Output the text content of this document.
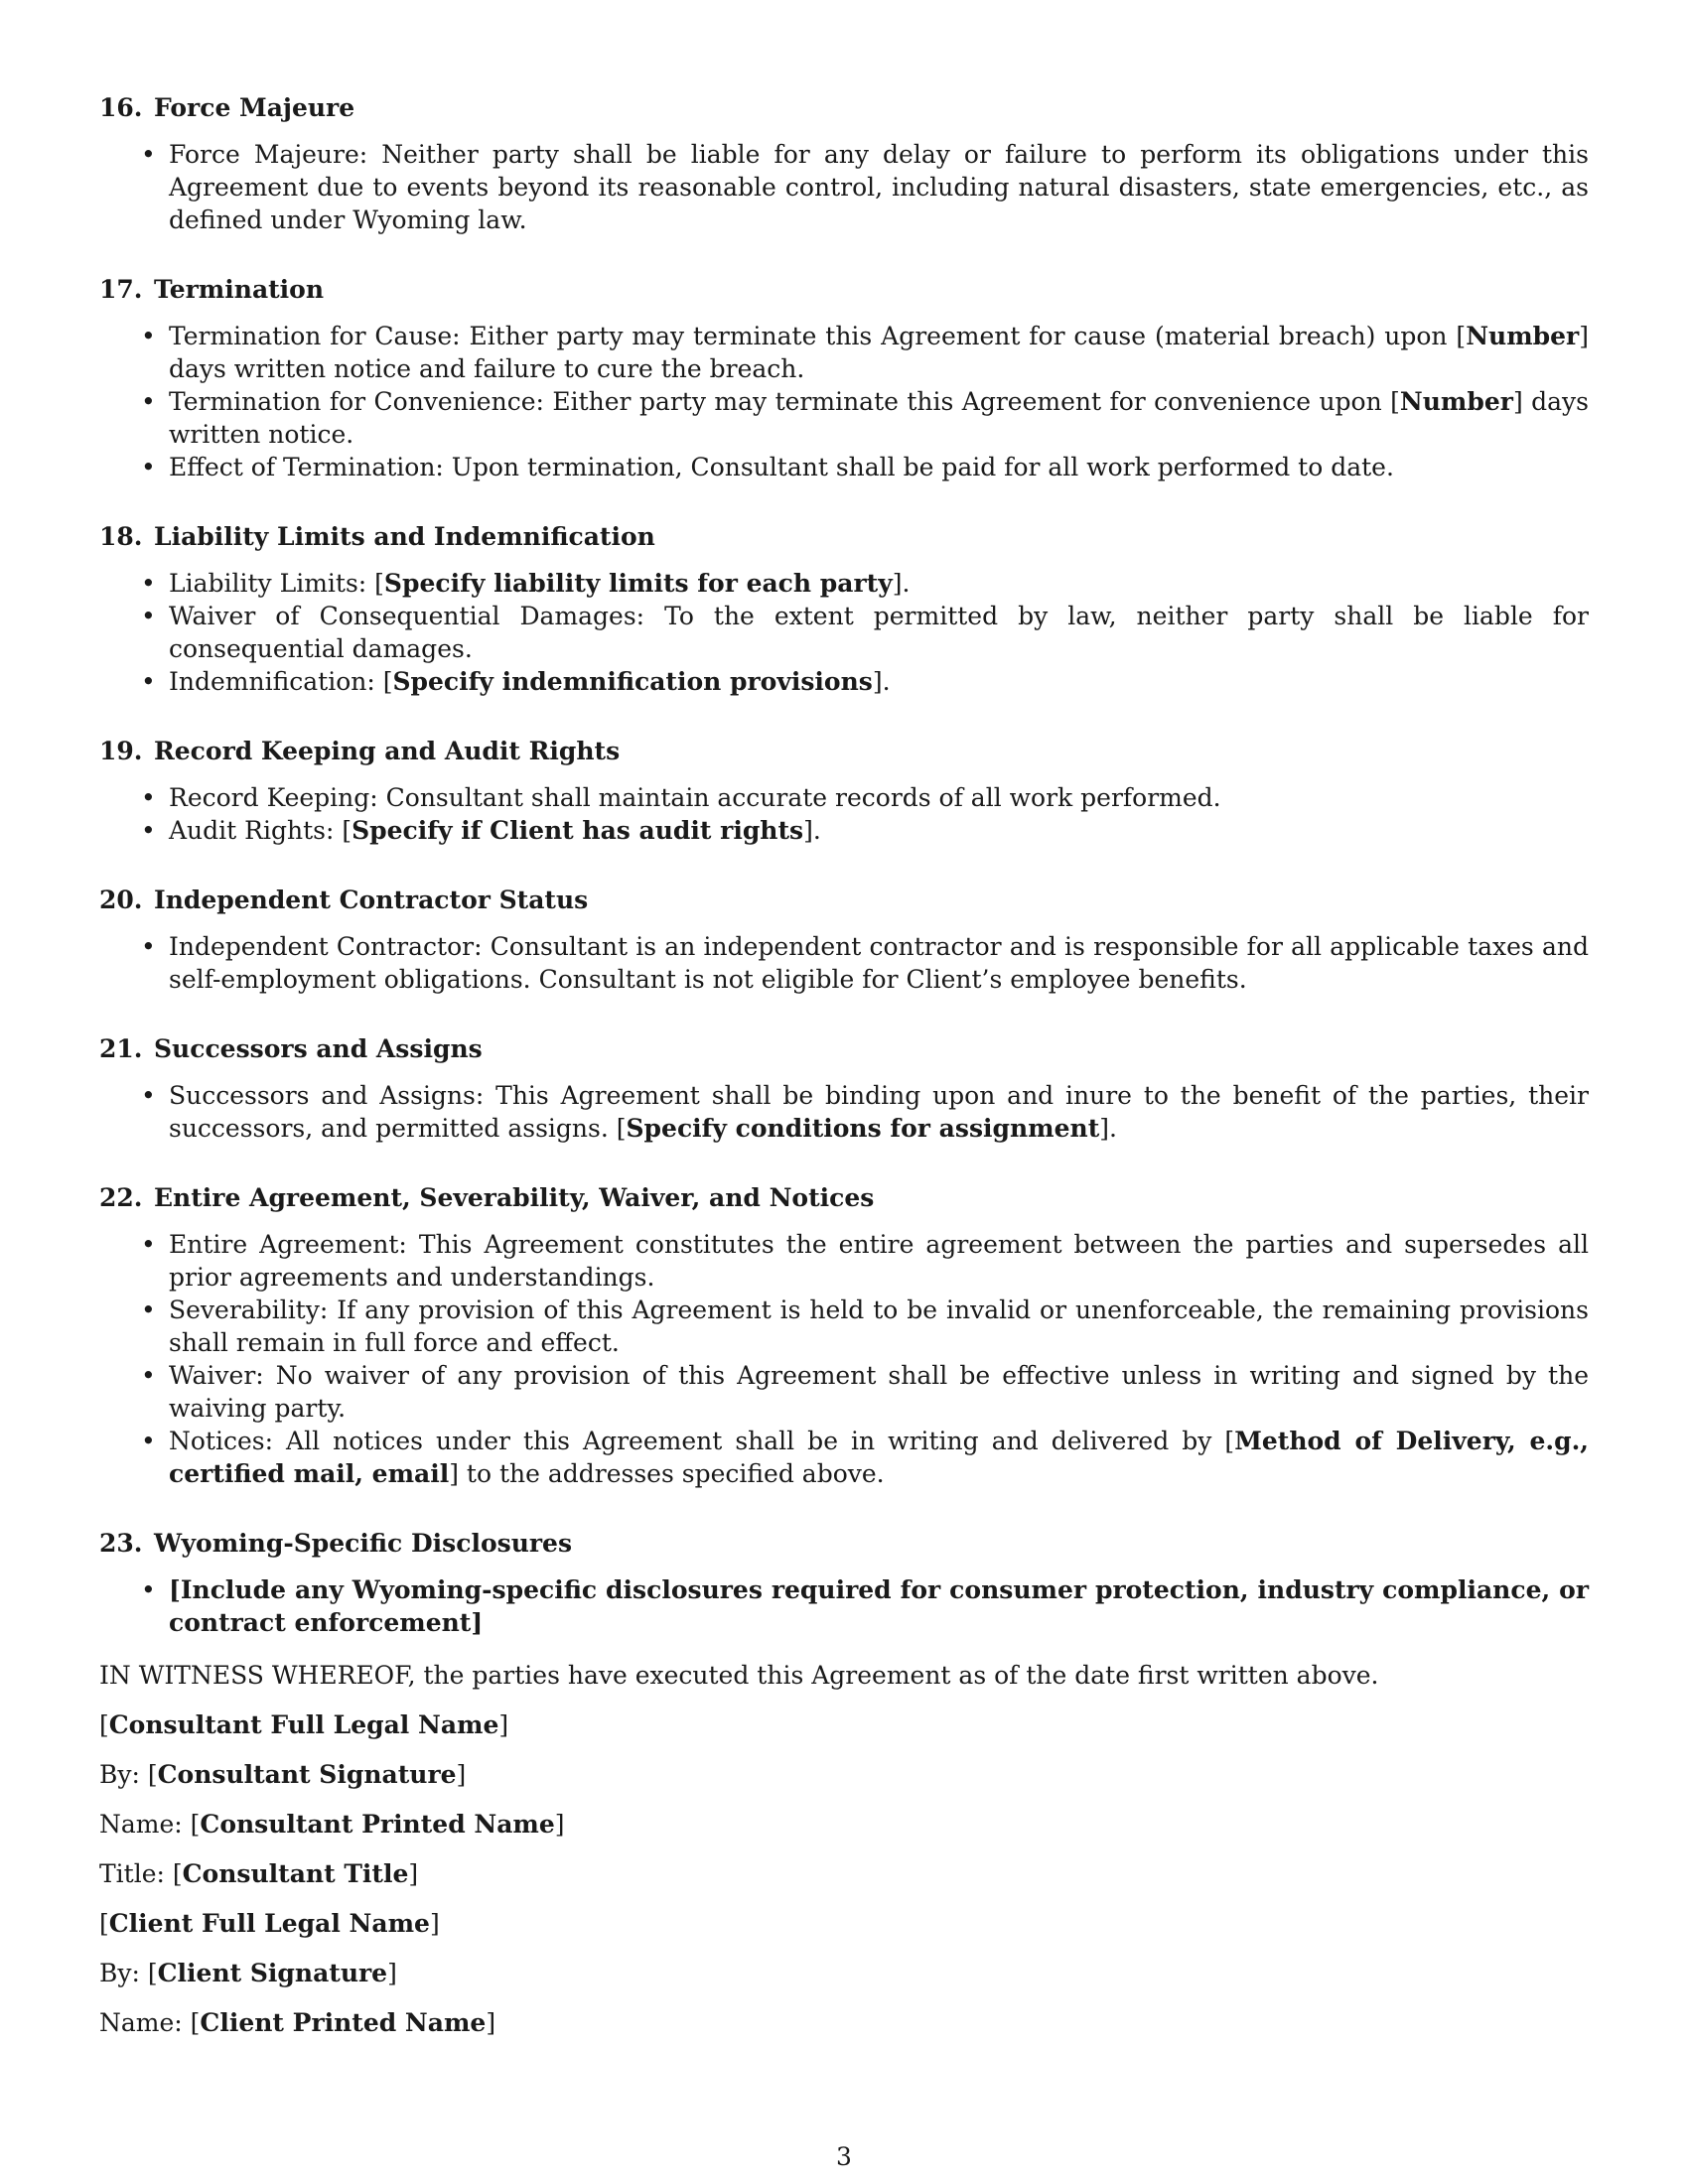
16. Force Majeure
• Force Majeure: Neither party shall be liable for any delay or failure to perform its obligations under this Agreement due to events beyond its reasonable control, including natural disasters, state emergencies, etc., as defined under Wyoming law.
17. Termination
• Termination for Cause: Either party may terminate this Agreement for cause (material breach) upon [Number] days written notice and failure to cure the breach.
• Termination for Convenience: Either party may terminate this Agreement for convenience upon [Number] days written notice.
• Effect of Termination: Upon termination, Consultant shall be paid for all work performed to date.
18. Liability Limits and Indemnification
• Liability Limits: [Specify liability limits for each party].
• Waiver of Consequential Damages: To the extent permitted by law, neither party shall be liable for consequential damages.
• Indemnification: [Specify indemnification provisions].
19. Record Keeping and Audit Rights
• Record Keeping: Consultant shall maintain accurate records of all work performed.
• Audit Rights: [Specify if Client has audit rights].
20. Independent Contractor Status
• Independent Contractor: Consultant is an independent contractor and is responsible for all applicable taxes and self-employment obligations. Consultant is not eligible for Client’s employee benefits.
21. Successors and Assigns
• Successors and Assigns: This Agreement shall be binding upon and inure to the benefit of the parties, their successors, and permitted assigns. [Specify conditions for assignment].
22. Entire Agreement, Severability, Waiver, and Notices
• Entire Agreement: This Agreement constitutes the entire agreement between the parties and supersedes all prior agreements and understandings.
• Severability: If any provision of this Agreement is held to be invalid or unenforceable, the remaining provisions shall remain in full force and effect.
• Waiver: No waiver of any provision of this Agreement shall be effective unless in writing and signed by the waiving party.
• Notices: All notices under this Agreement shall be in writing and delivered by [Method of Delivery, e.g., certified mail, email] to the addresses specified above.
23. Wyoming-Specific Disclosures
• [Include any Wyoming-specific disclosures required for consumer protection, industry compliance, or contract enforcement]

IN WITNESS WHEREOF, the parties have executed this Agreement as of the date first written above.

[Consultant Full Legal Name]

By: [Consultant Signature]

Name: [Consultant Printed Name]

Title: [Consultant Title]

[Client Full Legal Name]

By: [Client Signature]

Name: [Client Printed Name]

3
